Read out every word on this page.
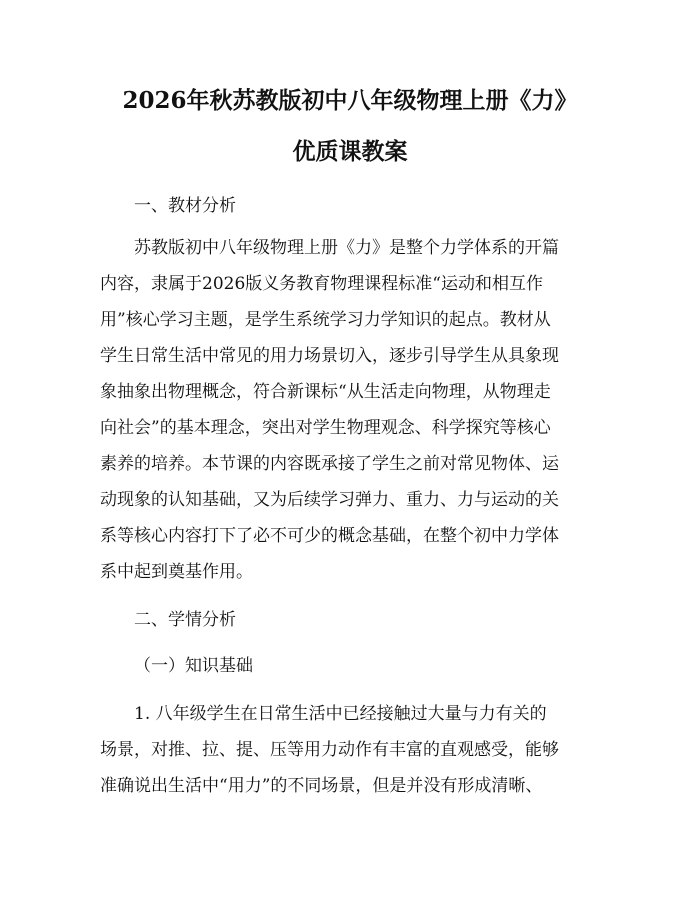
2026年秋苏教版初中八年级物理上册《力》
优质课教案
一、教材分析
苏教版初中八年级物理上册《力》是整个力学体系的开篇
内容，隶属于2026版义务教育物理课程标准“运动和相互作
用”核心学习主题，是学生系统学习力学知识的起点。教材从
学生日常生活中常见的用力场景切入，逐步引导学生从具象现
象抽象出物理概念，符合新课标“从生活走向物理，从物理走
向社会”的基本理念，突出对学生物理观念、科学探究等核心
素养的培养。本节课的内容既承接了学生之前对常见物体、运
动现象的认知基础，又为后续学习弹力、重力、力与运动的关
系等核心内容打下了必不可少的概念基础，在整个初中力学体
系中起到奠基作用。
二、学情分析
（一）知识基础
1. 八年级学生在日常生活中已经接触过大量与力有关的
场景，对推、拉、提、压等用力动作有丰富的直观感受，能够
准确说出生活中“用力”的不同场景，但是并没有形成清晰、
